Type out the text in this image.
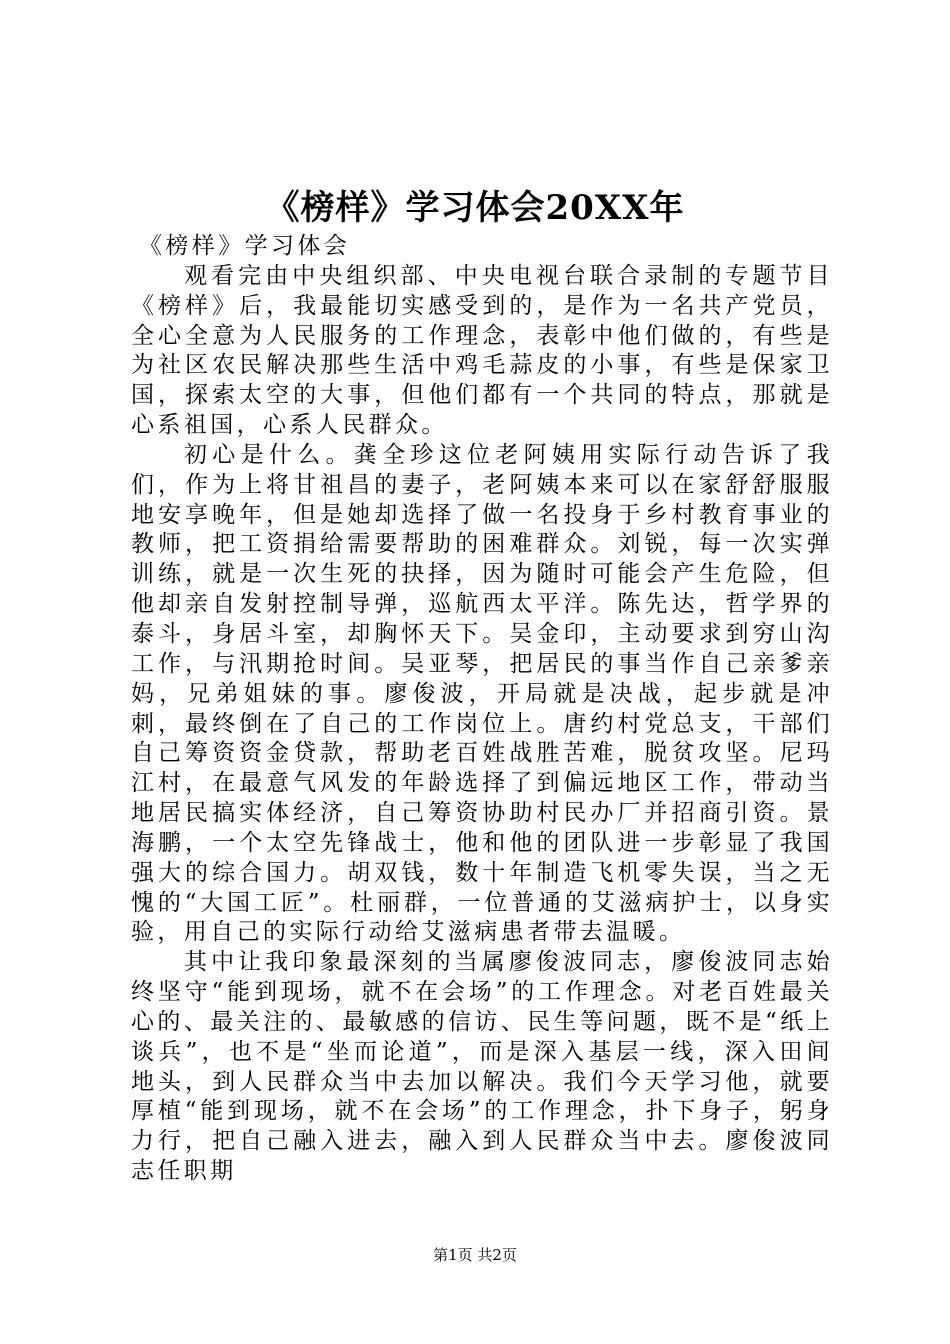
《榜样》学习体会20XX年

《榜样》学习体会

观看完由中央组织部、中央电视台联合录制的专题节目《榜样》后，我最能切实感受到的，是作为一名共产党员，全心全意为人民服务的工作理念，表彰中他们做的，有些是为社区农民解决那些生活中鸡毛蒜皮的小事，有些是保家卫国，探索太空的大事，但他们都有一个共同的特点，那就是心系祖国，心系人民群众。

初心是什么。龚全珍这位老阿姨用实际行动告诉了我们，作为上将甘祖昌的妻子，老阿姨本来可以在家舒舒服服地安享晚年，但是她却选择了做一名投身于乡村教育事业的教师，把工资捐给需要帮助的困难群众。刘锐，每一次实弹训练，就是一次生死的抉择，因为随时可能会产生危险，但他却亲自发射控制导弹，巡航西太平洋。陈先达，哲学界的泰斗，身居斗室，却胸怀天下。吴金印，主动要求到穷山沟工作，与汛期抢时间。吴亚琴，把居民的事当作自己亲爹亲妈，兄弟姐妹的事。廖俊波，开局就是决战，起步就是冲刺，最终倒在了自己的工作岗位上。唐约村党总支，干部们自己筹资资金贷款，帮助老百姓战胜苦难，脱贫攻坚。尼玛江村，在最意气风发的年龄选择了到偏远地区工作，带动当地居民搞实体经济，自己筹资协助村民办厂并招商引资。景海鹏，一个太空先锋战士，他和他的团队进一步彰显了我国强大的综合国力。胡双钱，数十年制造飞机零失误，当之无愧的“大国工匠”。杜丽群，一位普通的艾滋病护士，以身实验，用自己的实际行动给艾滋病患者带去温暖。

其中让我印象最深刻的当属廖俊波同志，廖俊波同志始终坚守“能到现场，就不在会场”的工作理念。对老百姓最关心的、最关注的、最敏感的信访、民生等问题，既不是“纸上谈兵”，也不是“坐而论道”，而是深入基层一线，深入田间地头，到人民群众当中去加以解决。我们今天学习他，就要厚植“能到现场，就不在会场”的工作理念，扑下身子，躬身力行，把自己融入进去，融入到人民群众当中去。廖俊波同志任职期

第1页 共2页
